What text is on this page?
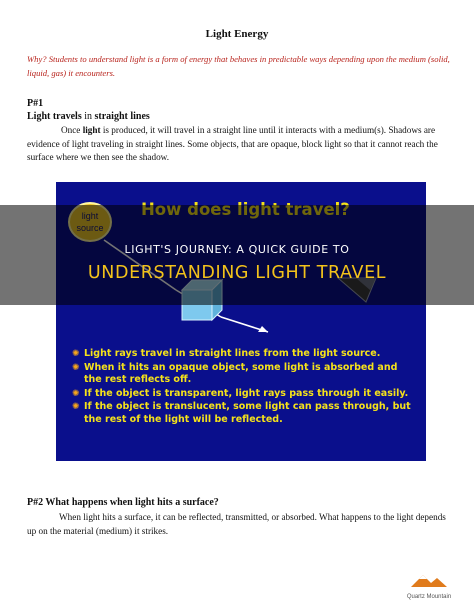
Light Energy
Why? Students to understand light is a form of energy that behaves in predictable ways depending upon the medium (solid, liquid, gas) it encounters.
P#1
Light travels in straight lines
Once light is produced, it will travel in a straight line until it interacts with a medium(s). Shadows are evidence of light traveling in straight lines. Some objects, that are opaque, block light so that it cannot reach the surface where we then see the shadow.
✺ Light rays travel in straight lines from the light source.
✺ When it hits an opaque object, some light is absorbed and the rest reflects off.
✺ If the object is transparent, light rays pass through it easily.
✺ If the object is translucent, some light can pass through, but the rest of the light will be reflected.
LIGHT'S JOURNEY: A QUICK GUIDE TO
UNDERSTANDING LIGHT TRAVEL
P#2 What happens when light hits a surface?
When light hits a surface, it can be reflected, transmitted, or absorbed. What happens to the light depends up on the material (medium) it strikes.
Quartz Mountain
